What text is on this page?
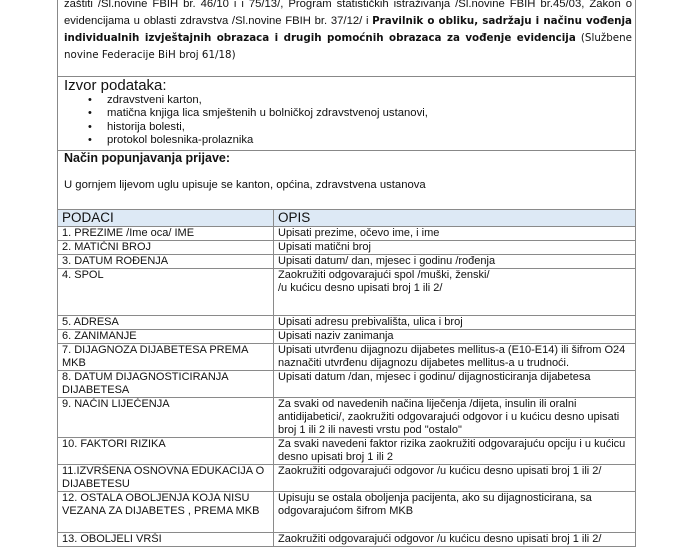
zaštiti /Sl.novine FBIH br. 46/10 i i 75/13/, Program statističkih istraživanja /Sl.novine FBIH br.45/03, Zakon o evidencijama u oblasti zdravstva /Sl.novine FBIH br. 37/12/ i Pravilnik o obliku, sadržaju i načinu vođenja individualnih izvještajnih obrazaca i drugih pomoćnih obrazaca za vođenje evidencija (Službene novine Federacije BiH broj 61/18)
Izvor podataka:
• zdravstveni karton,
• matična knjiga lica smještenih u bolničkoj zdravstvenoj ustanovi,
• historija bolesti,
• protokol bolesnika-prolaznika
Način popunjavanja prijave:
U gornjem lijevom uglu upisuje se kanton, općina, zdravstvena ustanova
PODACI	OPIS
1. PREZIME /Ime oca/ IME	Upisati prezime, očevo ime, i ime
2. MATIČNI BROJ	Upisati matični broj
3. DATUM ROĐENJA	Upisati datum/ dan, mjesec i godinu /rođenja
4. SPOL	Zaokružiti odgovarajući spol /muški, ženski/
/u kućicu desno upisati broj 1 ili 2/

5. ADRESA	Upisati adresu prebivališta, ulica i broj
6. ZANIMANJE	Upisati naziv zanimanja
7. DIJAGNOZA DIJABETESA PREMA MKB	Upisati utvrđenu dijagnozu dijabetes mellitus-a (E10-E14) ili šifrom O24 naznačiti utvrđenu dijagnozu dijabetes mellitus-a u trudnoći.
8. DATUM DIJAGNOSTICIRANJA DIJABETESA	Upisati datum /dan, mjesec i godinu/ dijagnosticiranja dijabetesa
9. NAČIN LIJEČENJA	Za svaki od navedenih načina liječenja /dijeta, insulin ili oralni antidijabetici/, zaokružiti odgovarajući odgovor i u kućicu desno upisati broj 1 ili 2 ili navesti vrstu pod "ostalo"
10. FAKTORI RIZIKA	Za svaki navedeni faktor rizika zaokružiti odgovarajuću opciju i u kućicu desno upisati broj 1 ili 2
11.IZVRŠENA OSNOVNA EDUKACIJA O DIJABETESU	Zaokružiti odgovarajući odgovor /u kućicu desno upisati broj 1 ili 2/
12. OSTALA OBOLJENJA KOJA NISU VEZANA ZA DIJABETES , PREMA MKB	Upisuju se ostala oboljenja pacijenta, ako su dijagnosticirana, sa odgovarajućom šifrom MKB
13. OBOLJELI VRŠI	Zaokružiti odgovarajući odgovor /u kućicu desno upisati broj 1 ili 2/
